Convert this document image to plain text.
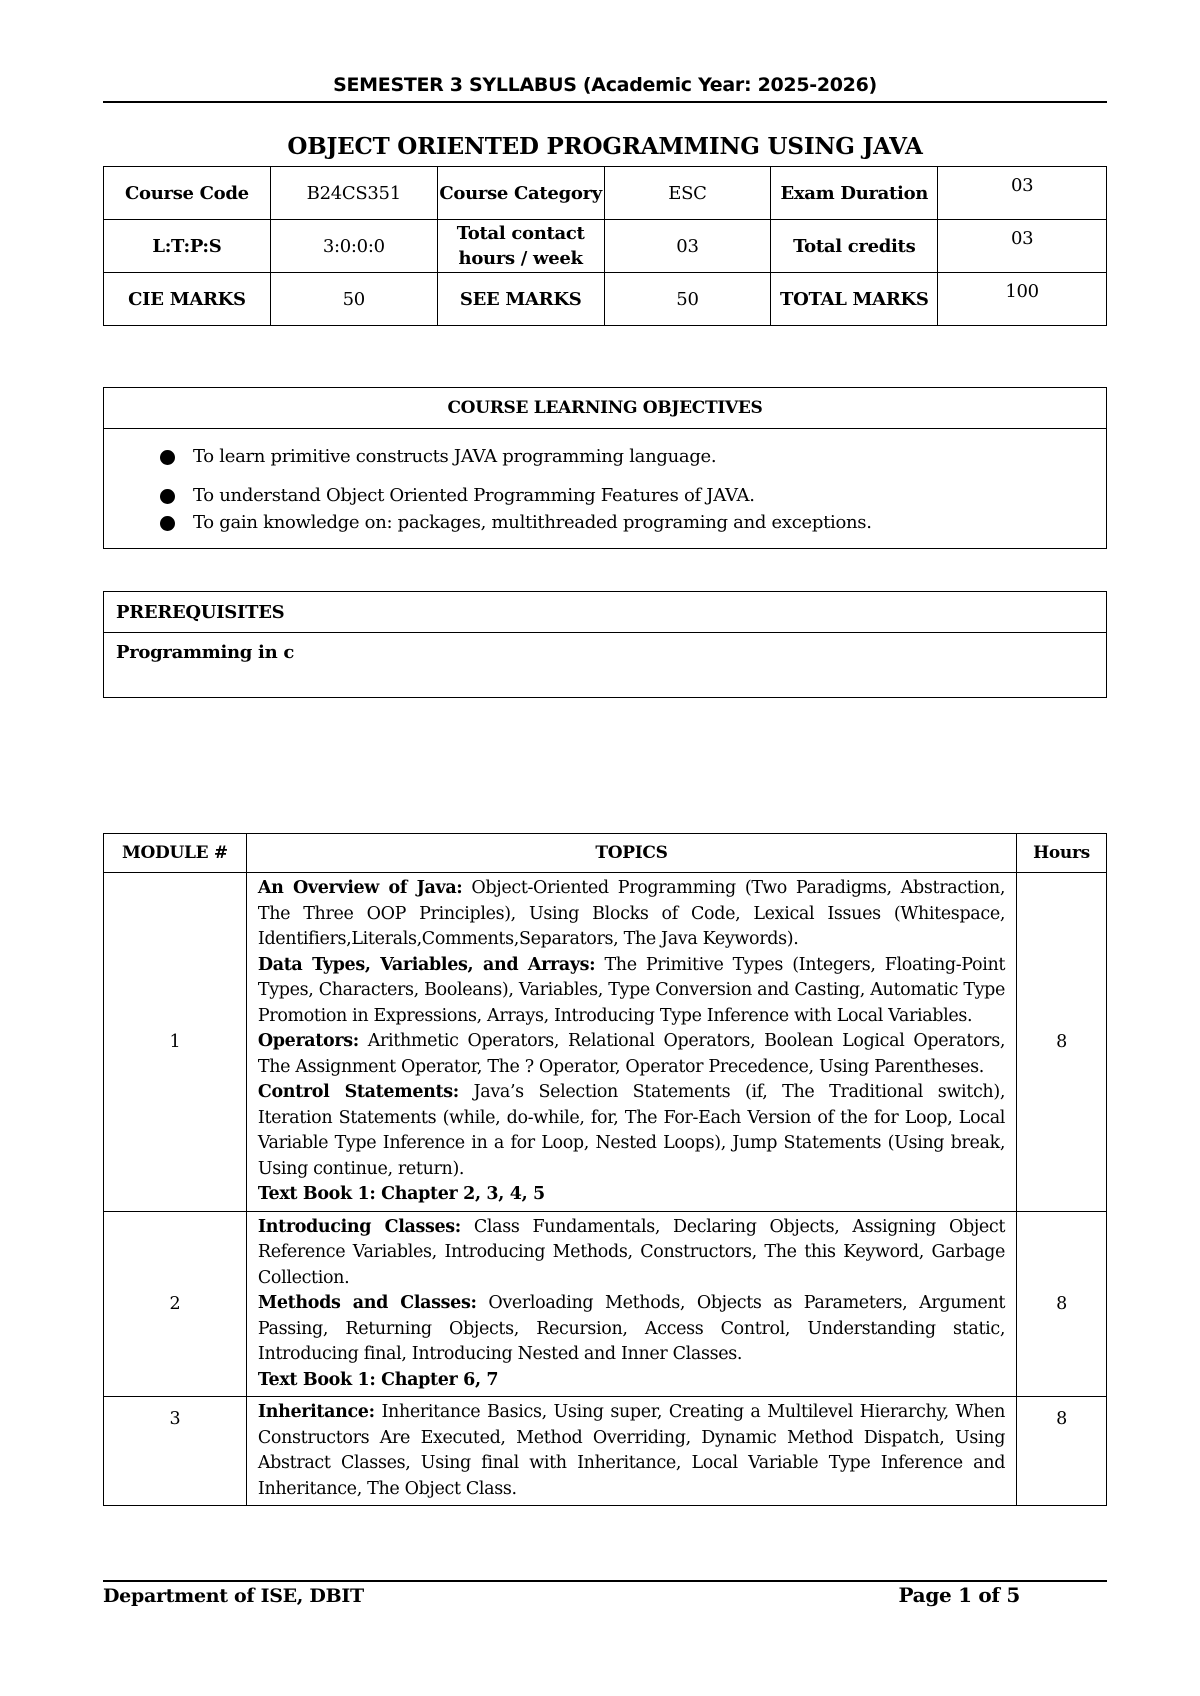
SEMESTER 3 SYLLABUS (Academic Year: 2025-2026)
OBJECT ORIENTED PROGRAMMING USING JAVA
Course Code	B24CS351	Course Category	ESC	Exam Duration	03
L:T:P:S	3:0:0:0	Total contact hours / week	03	Total credits	03
CIE MARKS	50	SEE MARKS	50	TOTAL MARKS	100
COURSE LEARNING OBJECTIVES

To learn primitive constructs JAVA programming language.
To understand Object Oriented Programming Features of JAVA.
To gain knowledge on: packages, multithreaded programing and exceptions.
PREREQUISITES
Programming in c
MODULE #	TOPICS	Hours
1	An Overview of Java: Object-Oriented Programming (Two Paradigms, Abstraction, The Three OOP Principles), Using Blocks of Code, Lexical Issues (Whitespace, Identifiers,Literals,Comments,Separators, The Java Keywords).
Data Types, Variables, and Arrays: The Primitive Types (Integers, Floating-Point Types, Characters, Booleans), Variables, Type Conversion and Casting, Automatic Type Promotion in Expressions, Arrays, Introducing Type Inference with Local Variables.
Operators: Arithmetic Operators, Relational Operators, Boolean Logical Operators, The Assignment Operator, The ? Operator, Operator Precedence, Using Parentheses.
Control Statements: Java’s Selection Statements (if, The Traditional switch), Iteration Statements (while, do-while, for, The For-Each Version of the for Loop, Local Variable Type Inference in a for Loop, Nested Loops), Jump Statements (Using break, Using continue, return).
Text Book 1: Chapter 2, 3, 4, 5	8
2	Introducing Classes: Class Fundamentals, Declaring Objects, Assigning Object Reference Variables, Introducing Methods, Constructors, The this Keyword, Garbage Collection.
Methods and Classes: Overloading Methods, Objects as Parameters, Argument Passing, Returning Objects, Recursion, Access Control, Understanding static, Introducing final, Introducing Nested and Inner Classes.
Text Book 1: Chapter 6, 7	8
3	Inheritance: Inheritance Basics, Using super, Creating a Multilevel Hierarchy, When Constructors Are Executed, Method Overriding, Dynamic Method Dispatch, Using Abstract Classes, Using final with Inheritance, Local Variable Type Inference and Inheritance, The Object Class.	8
Department of ISE, DBIT	Page 1 of 5
